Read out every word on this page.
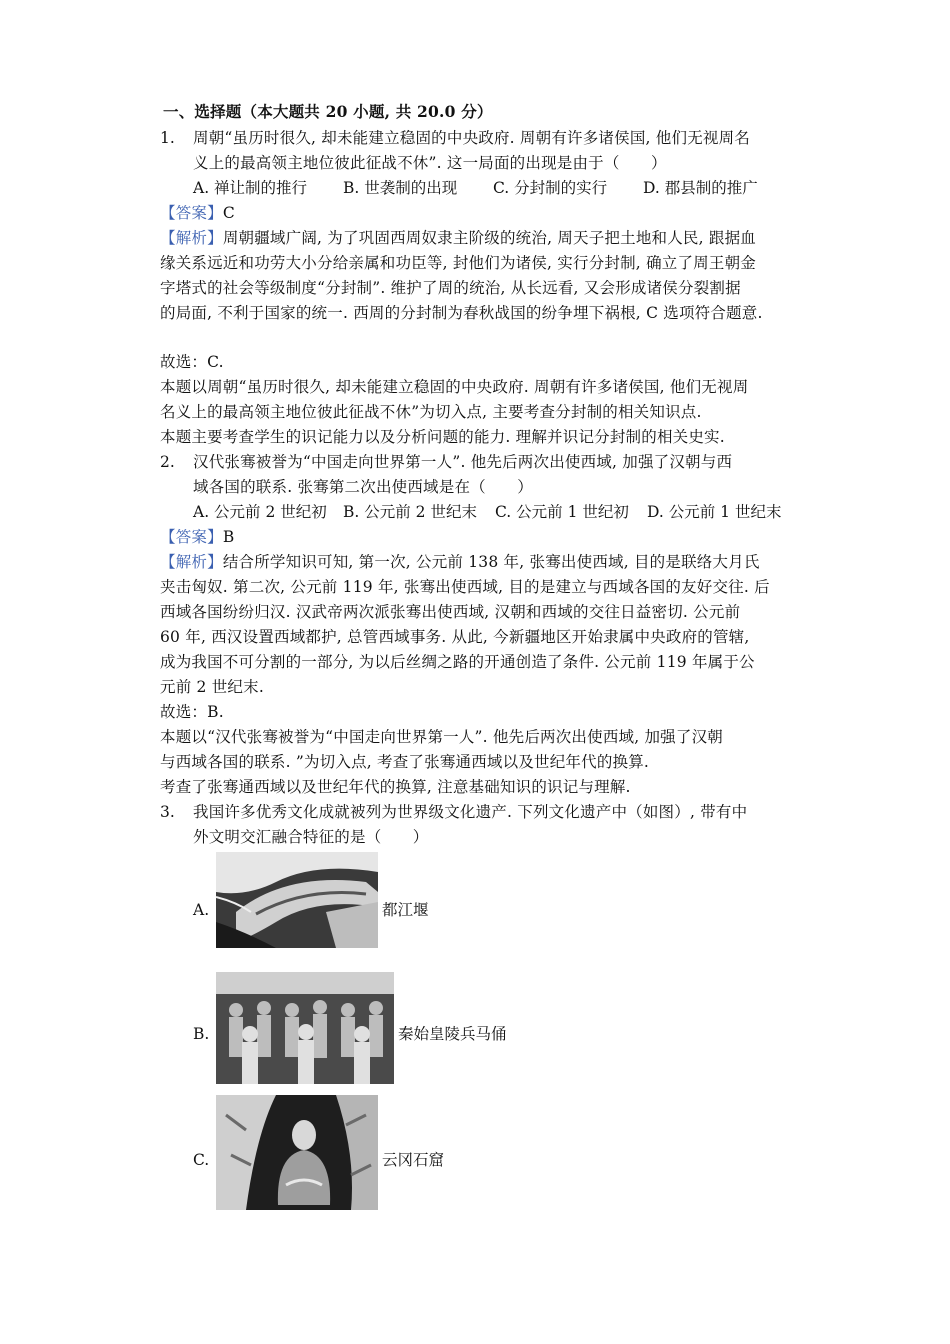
一、选择题（本大题共 20 小题, 共 20.0 分）
1. 周朝“虽历时很久, 却未能建立稳固的中央政府. 周朝有许多诸侯国, 他们无视周名
义上的最高领主地位彼此征战不休”. 这一局面的出现是由于（　　）
A. 禅让制的推行 B. 世袭制的出现 C. 分封制的实行 D. 郡县制的推广
【答案】C
【解析】周朝疆域广阔, 为了巩固西周奴隶主阶级的统治, 周天子把土地和人民, 跟据血
缘关系远近和功劳大小分给亲属和功臣等, 封他们为诸侯, 实行分封制, 确立了周王朝金
字塔式的社会等级制度“分封制”. 维护了周的统治, 从长远看, 又会形成诸侯分裂割据
的局面, 不利于国家的统一. 西周的分封制为春秋战国的纷争埋下祸根, C 选项符合题意.
故选：C.
本题以周朝“虽历时很久, 却未能建立稳固的中央政府. 周朝有许多诸侯国, 他们无视周
名义上的最高领主地位彼此征战不休”为切入点, 主要考查分封制的相关知识点.
本题主要考查学生的识记能力以及分析问题的能力. 理解并识记分封制的相关史实.
2. 汉代张骞被誉为“中国走向世界第一人”. 他先后两次出使西域, 加强了汉朝与西
域各国的联系. 张骞第二次出使西域是在（　　）
A. 公元前 2 世纪初 B. 公元前 2 世纪末 C. 公元前 1 世纪初 D. 公元前 1 世纪末
【答案】B
【解析】结合所学知识可知, 第一次, 公元前 138 年, 张骞出使西域, 目的是联络大月氏
夹击匈奴. 第二次, 公元前 119 年, 张骞出使西域, 目的是建立与西域各国的友好交往. 后
西域各国纷纷归汉. 汉武帝两次派张骞出使西域, 汉朝和西域的交往日益密切. 公元前
60 年, 西汉设置西域都护, 总管西域事务. 从此, 今新疆地区开始隶属中央政府的管辖,
成为我国不可分割的一部分, 为以后丝绸之路的开通创造了条件. 公元前 119 年属于公
元前 2 世纪末.
故选：B.
本题以“汉代张骞被誉为“中国走向世界第一人”. 他先后两次出使西域, 加强了汉朝
与西域各国的联系. ”为切入点, 考查了张骞通西域以及世纪年代的换算.
考查了张骞通西域以及世纪年代的换算, 注意基础知识的识记与理解.
3. 我国许多优秀文化成就被列为世界级文化遗产. 下列文化遗产中（如图）, 带有中
外文明交汇融合特征的是（　　）
A.	都江堰
B.	秦始皇陵兵马俑
C.	云冈石窟
